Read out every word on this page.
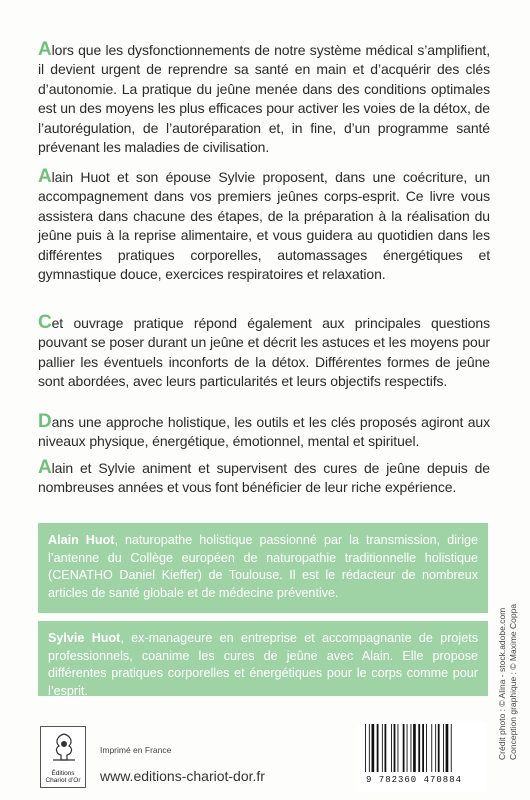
Alors que les dysfonctionnements de notre système médical s’amplifient, il devient urgent de reprendre sa santé en main et d’acquérir des clés d’autonomie. La pratique du jeûne menée dans des conditions optimales est un des moyens les plus efficaces pour activer les voies de la détox, de l’autorégulation, de l’autoréparation et, in fine, d’un programme santé prévenant les maladies de civilisation.

Alain Huot et son épouse Sylvie proposent, dans une coécriture, un accompagnement dans vos premiers jeûnes corps-esprit. Ce livre vous assistera dans chacune des étapes, de la préparation à la réalisation du jeûne puis à la reprise alimentaire, et vous guidera au quotidien dans les différentes pratiques corporelles, automassages énergétiques et gymnastique douce, exercices respiratoires et relaxation.

Cet ouvrage pratique répond également aux principales questions pouvant se poser durant un jeûne et décrit les astuces et les moyens pour pallier les éventuels inconforts de la détox. Différentes formes de jeûne sont abordées, avec leurs particularités et leurs objectifs respectifs.

Dans une approche holistique, les outils et les clés proposés agiront aux niveaux physique, énergétique, émotionnel, mental et spirituel.

Alain et Sylvie animent et supervisent des cures de jeûne depuis de nombreuses années et vous font bénéficier de leur riche expérience.

Alain Huot, naturopathe holistique passionné par la transmission, dirige l’antenne du Collège européen de naturopathie traditionnelle holistique (CENATHO Daniel Kieffer) de Toulouse. Il est le rédacteur de nombreux articles de santé globale et de médecine préventive.
Sylvie Huot, ex-manageure en entreprise et accompagnante de projets professionnels, coanime les cures de jeûne avec Alain. Elle propose différentes pratiques corporelles et énergétiques pour le corps comme pour l’esprit.	Crédit photo : © Alina - stock.adobe.com Conception graphique : © Maxime Coppa
Éditions Chariot d’Or
Imprimé en France
www.editions-chariot-dor.fr	9 782360 470884
